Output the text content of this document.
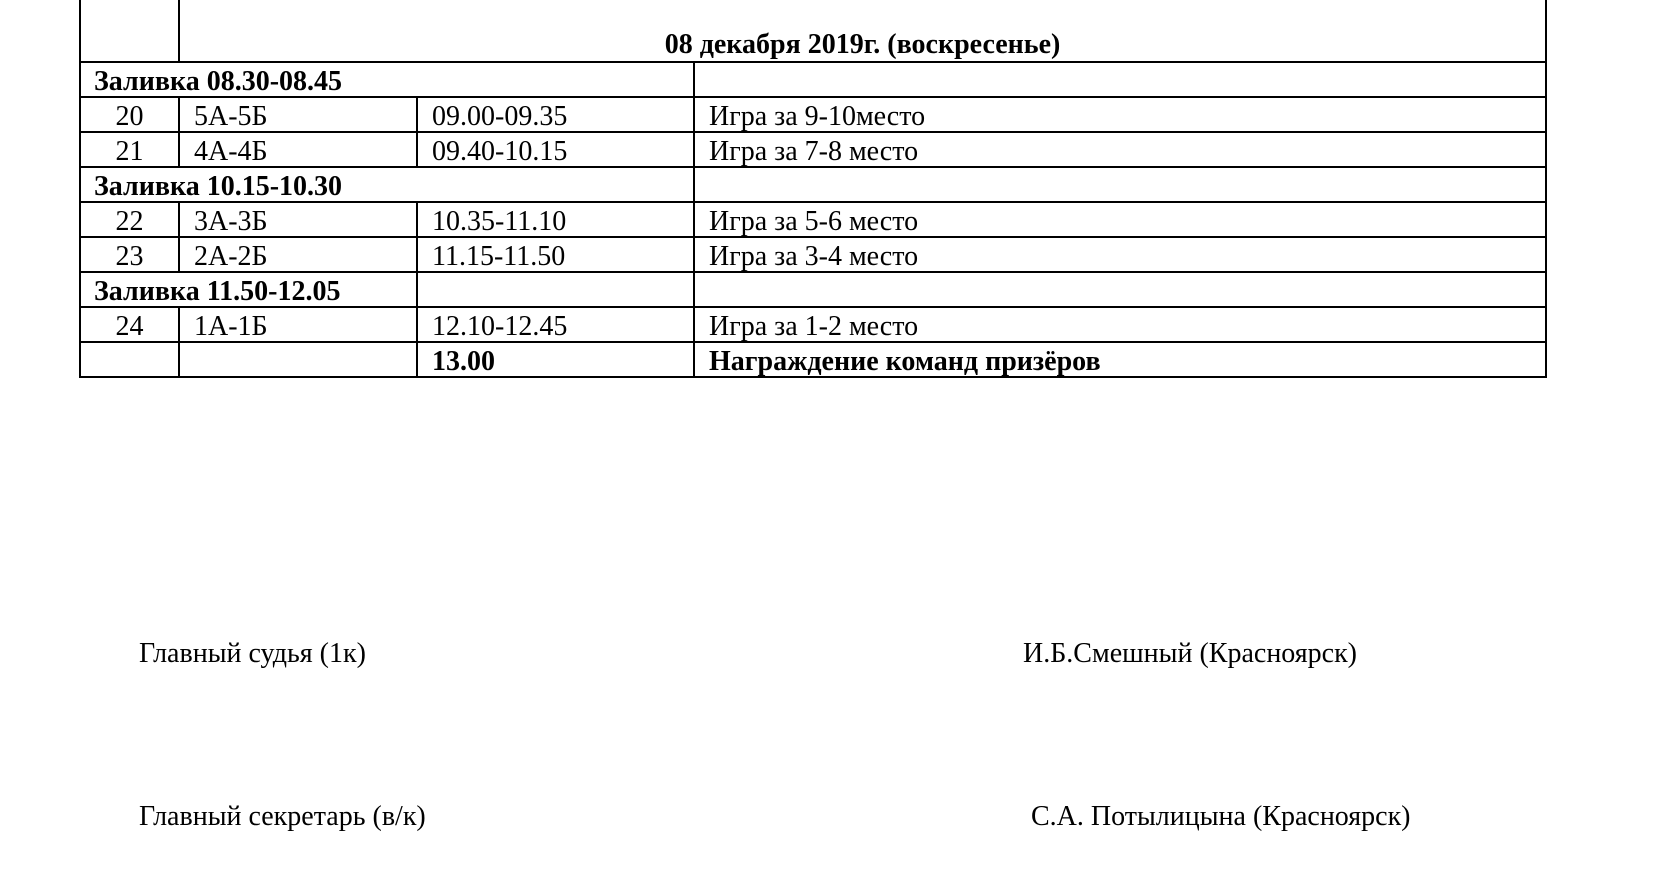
	08 декабря 2019г. (воскресенье)		
Заливка 08.30-08.45			
20	5А-5Б	09.00-09.35	Игра за 9-10место
21	4А-4Б	09.40-10.15	Игра за 7-8 место
Заливка 10.15-10.30			
22	3А-3Б	10.35-11.10	Игра за 5-6 место
23	2А-2Б	11.15-11.50	Игра за 3-4 место
Заливка 11.50-12.05			
24	1А-1Б	12.10-12.45	Игра за 1-2 место
		13.00	Награждение команд призёров
Главный судья (1к)	И.Б.Смешный (Красноярск)
Главный секретарь (в/к)	С.А. Потылицына (Красноярск)
